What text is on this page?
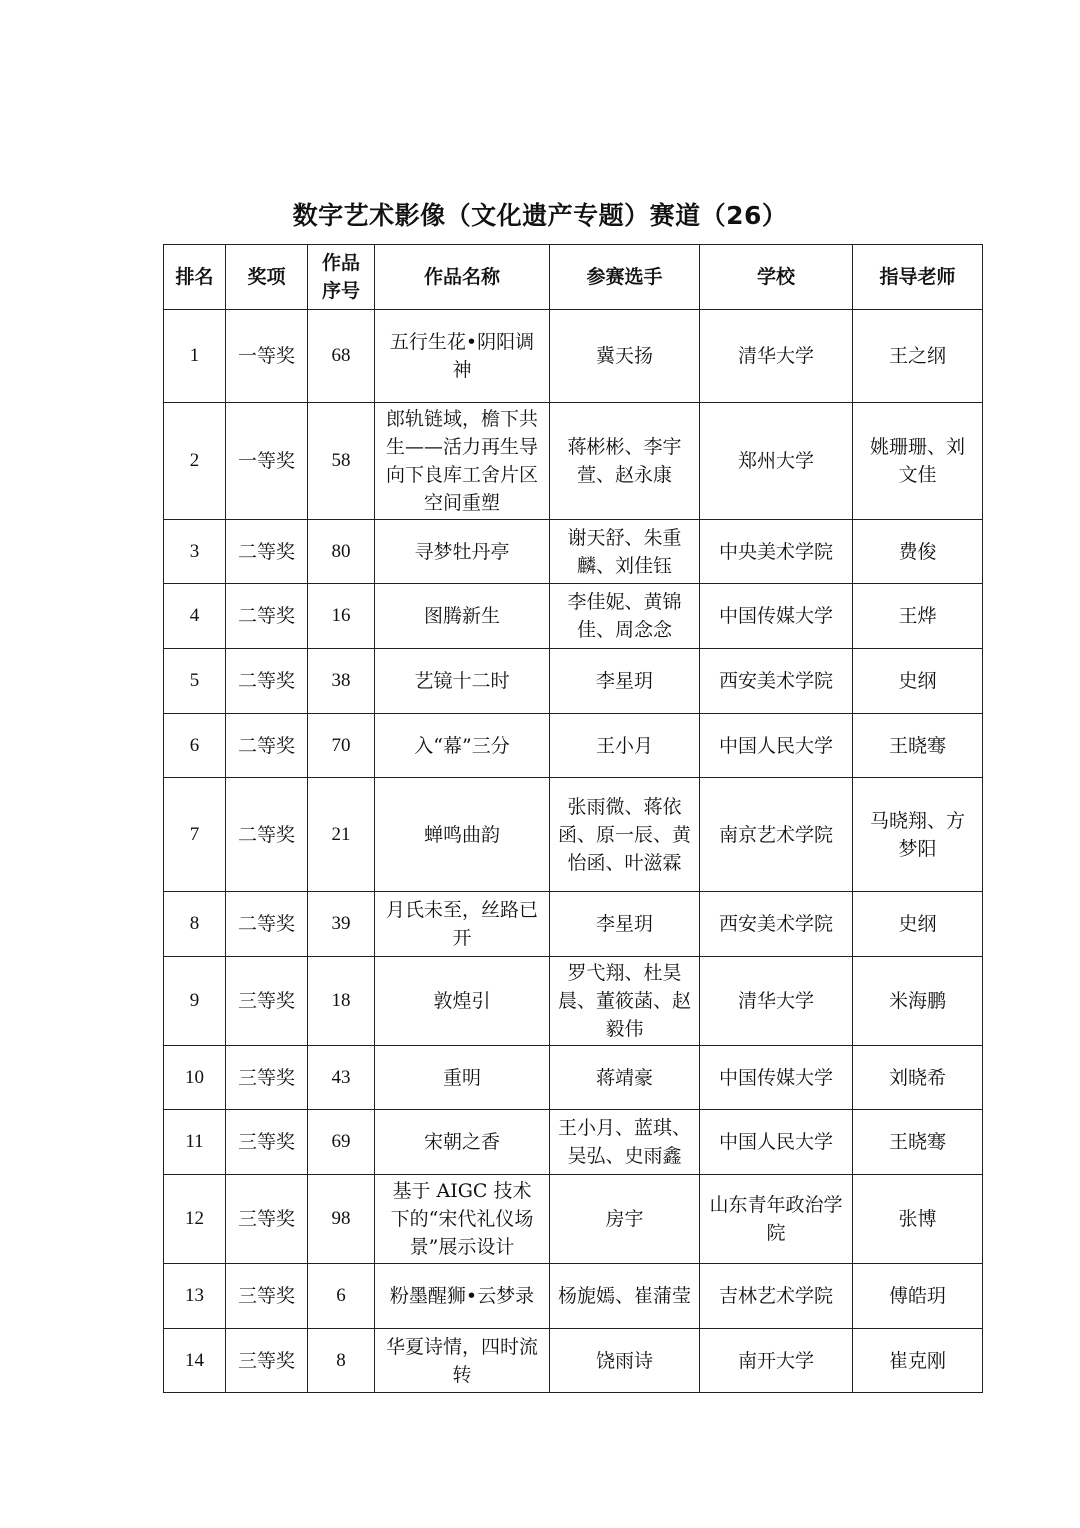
数字艺术影像（文化遗产专题）赛道（26）
排名	奖项	作品序号	作品名称	参赛选手	学校	指导老师
1	一等奖	68	五行生花•阴阳调神	冀天扬	清华大学	王之纲
2	一等奖	58	郎轨链域，檐下共生——活力再生导向下良库工舍片区空间重塑	蒋彬彬、李宇萱、赵永康	郑州大学	姚珊珊、刘文佳
3	二等奖	80	寻梦牡丹亭	谢天舒、朱重麟、刘佳钰	中央美术学院	费俊
4	二等奖	16	图腾新生	李佳妮、黄锦佳、周念念	中国传媒大学	王烨
5	二等奖	38	艺镜十二时	李星玥	西安美术学院	史纲
6	二等奖	70	入“幕”三分	王小月	中国人民大学	王晓骞
7	二等奖	21	蝉鸣曲韵	张雨微、蒋依函、原一辰、黄怡函、叶滋霖	南京艺术学院	马晓翔、方梦阳
8	二等奖	39	月氏未至，丝路已开	李星玥	西安美术学院	史纲
9	三等奖	18	敦煌引	罗弋翔、杜昊晨、董筱菡、赵毅伟	清华大学	米海鹏
10	三等奖	43	重明	蒋靖豪	中国传媒大学	刘晓希
11	三等奖	69	宋朝之香	王小月、蓝琪、吴弘、史雨鑫	中国人民大学	王晓骞
12	三等奖	98	基于 AIGC 技术下的“宋代礼仪场景”展示设计	房宇	山东青年政治学院	张博
13	三等奖	6	粉墨醒狮•云梦录	杨旎嫣、崔蒲莹	吉林艺术学院	傅皓玥
14	三等奖	8	华夏诗情，四时流转	饶雨诗	南开大学	崔克刚
